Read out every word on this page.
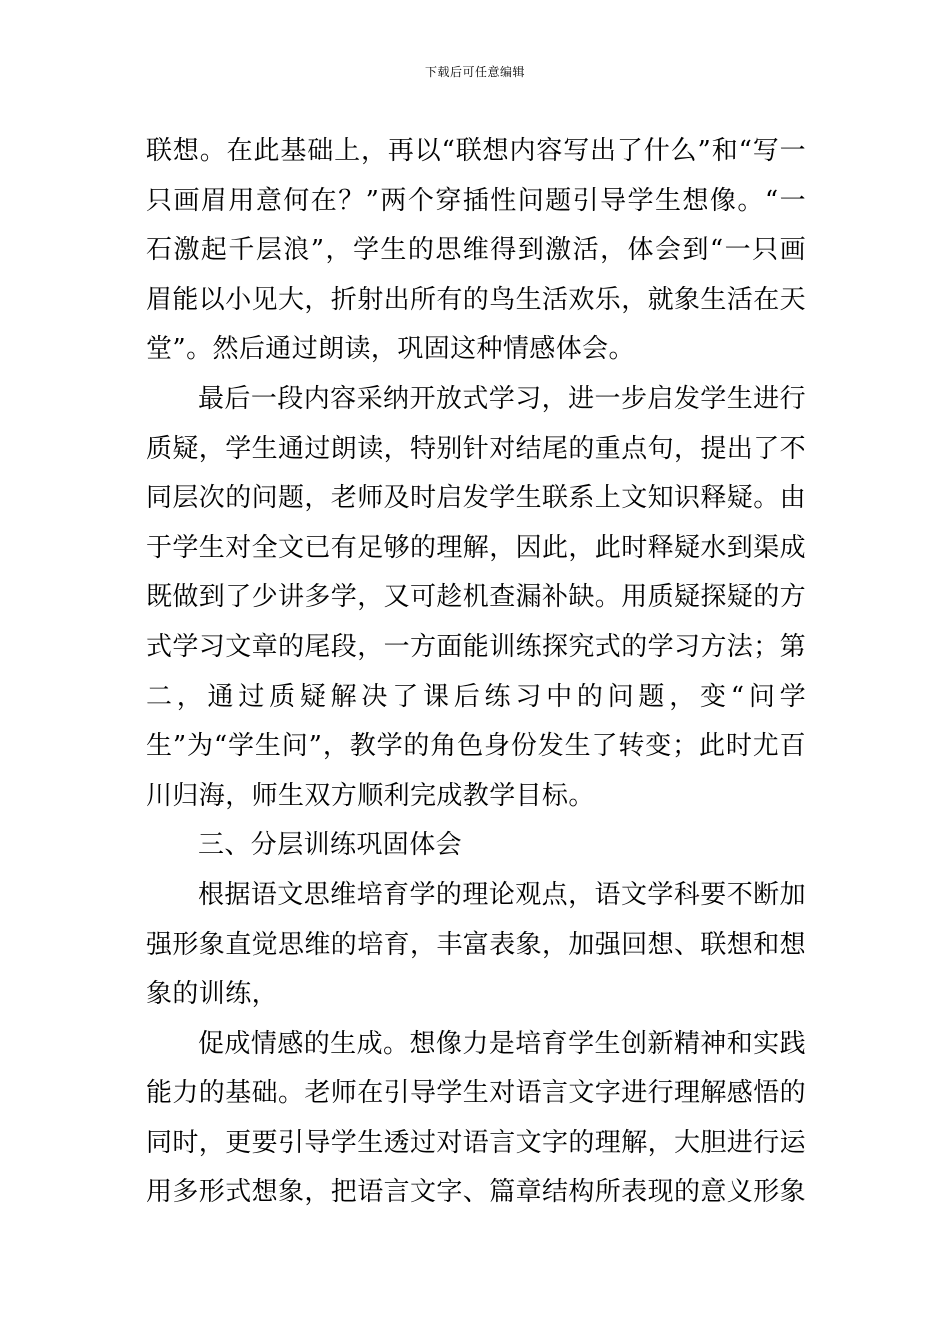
下载后可任意编辑

联想。在此基础上，再以“联想内容写出了什么”和“写一只画眉用意何在？”两个穿插性问题引导学生想像。“一石激起千层浪”，学生的思维得到激活，体会到“一只画眉能以小见大，折射出所有的鸟生活欢乐，就象生活在天堂”。然后通过朗读，巩固这种情感体会。

最后一段内容采纳开放式学习，进一步启发学生进行质疑，学生通过朗读，特别针对结尾的重点句，提出了不同层次的问题，老师及时启发学生联系上文知识释疑。由于学生对全文已有足够的理解，因此，此时释疑水到渠成既做到了少讲多学，又可趁机查漏补缺。用质疑探疑的方式学习文章的尾段，一方面能训练探究式的学习方法；第二，通过质疑解决了课后练习中的问题，变“问学生”为“学生问”，教学的角色身份发生了转变；此时尤百川归海，师生双方顺利完成教学目标。

三、分层训练巩固体会

根据语文思维培育学的理论观点，语文学科要不断加强形象直觉思维的培育，丰富表象，加强回想、联想和想象的训练，

促成情感的生成。想像力是培育学生创新精神和实践能力的基础。老师在引导学生对语言文字进行理解感悟的同时，更要引导学生透过对语言文字的理解，大胆进行运用多形式想象，把语言文字、篇章结构所表现的意义形象
